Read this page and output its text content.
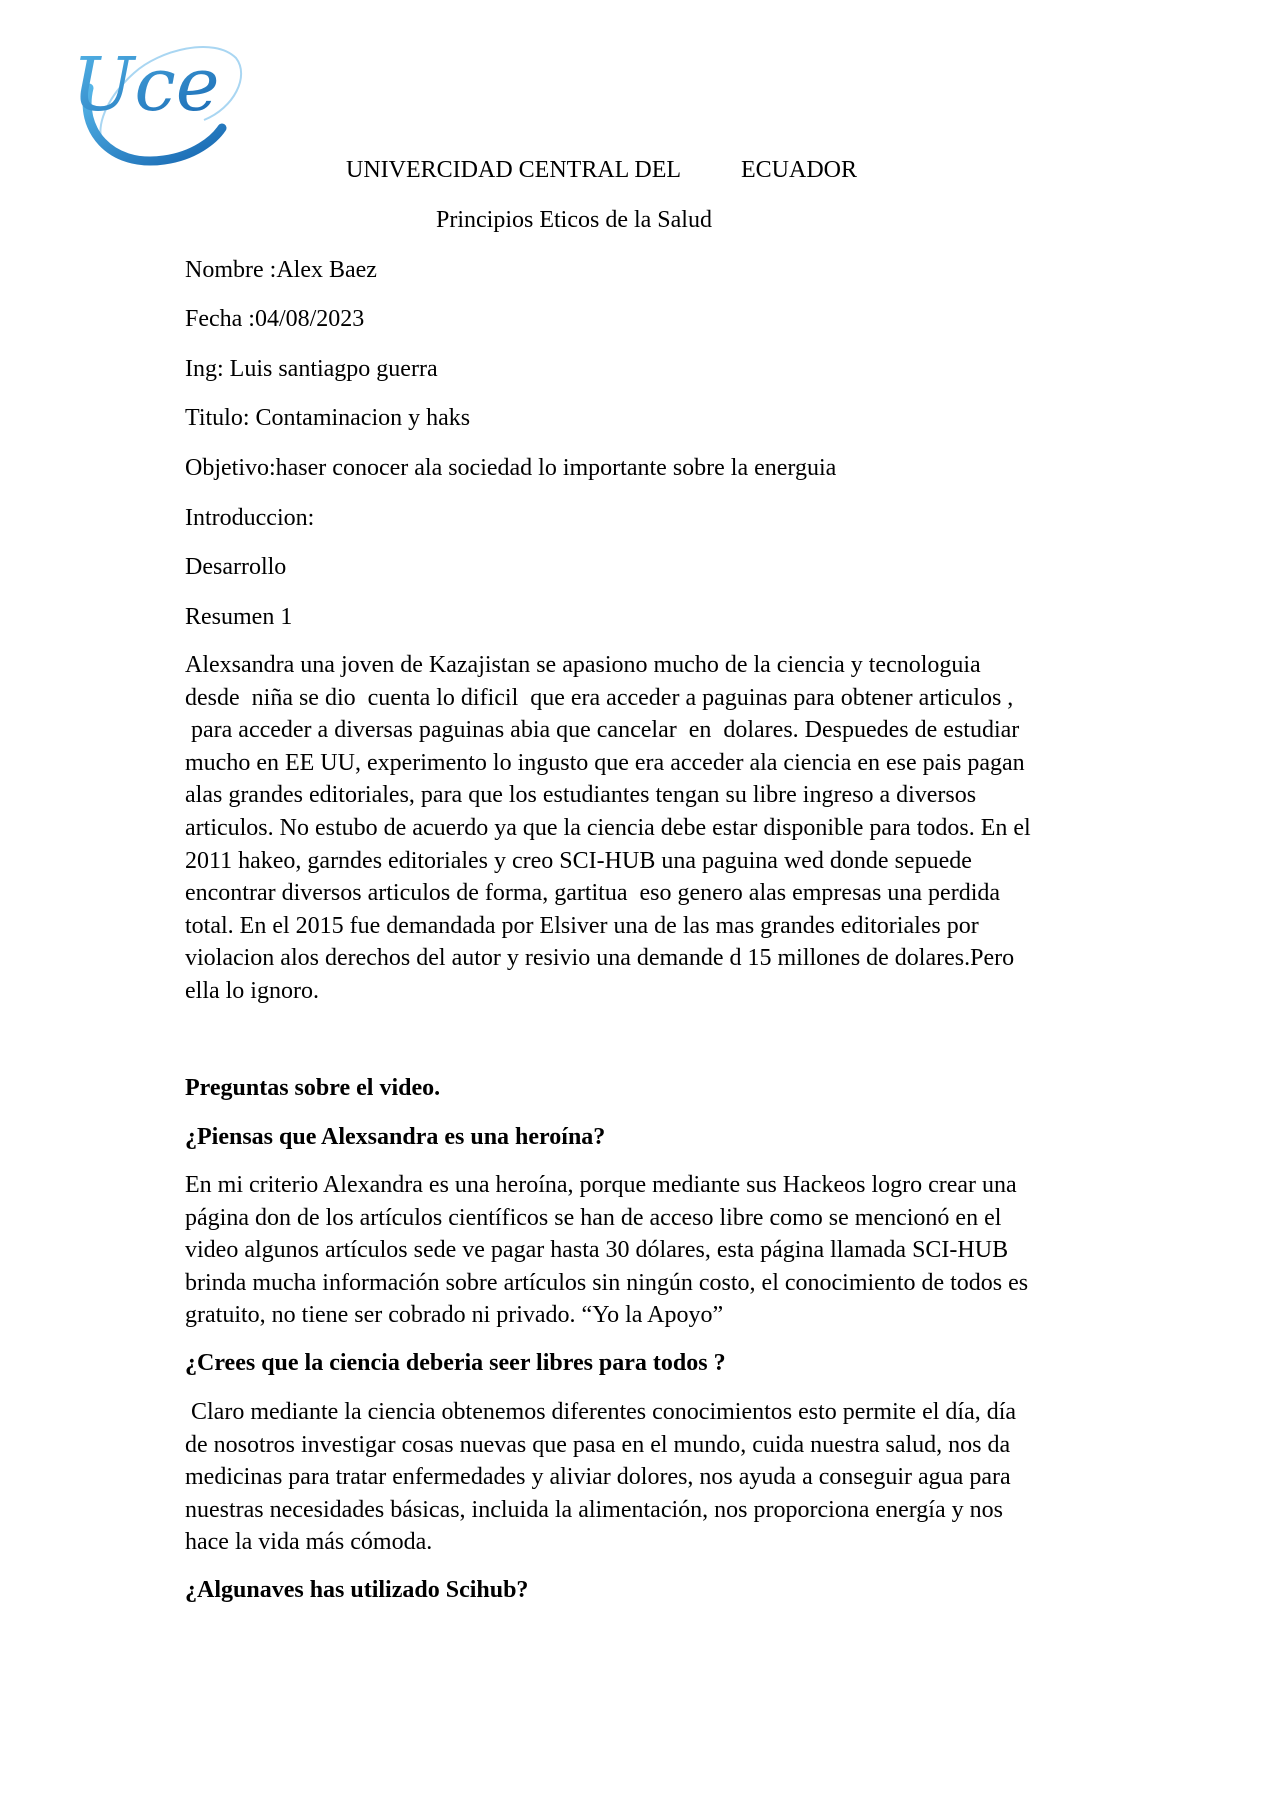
Uce

UNIVERCIDAD CENTRAL DEL ECUADOR

Principios Eticos de la Salud

Nombre :Alex Baez

Fecha :04/08/2023

Ing: Luis santiagpo guerra

Titulo: Contaminacion y haks

Objetivo:haser conocer ala sociedad lo importante sobre la energuia

Introduccion:

Desarrollo

Resumen 1

Alexsandra una joven de Kazajistan se apasiono mucho de la ciencia y tecnologuia
desde  niña se dio  cuenta lo dificil  que era acceder a paguinas para obtener articulos ,
para acceder a diversas paguinas abia que cancelar  en  dolares. Despuedes de estudiar
mucho en EE UU, experimento lo ingusto que era acceder ala ciencia en ese pais pagan
alas grandes editoriales, para que los estudiantes tengan su libre ingreso a diversos
articulos. No estubo de acuerdo ya que la ciencia debe estar disponible para todos. En el
2011 hakeo, garndes editoriales y creo SCI-HUB una paguina wed donde sepuede
encontrar diversos articulos de forma, gartitua  eso genero alas empresas una perdida
total. En el 2015 fue demandada por Elsiver una de las mas grandes editoriales por
violacion alos derechos del autor y resivio una demande d 15 millones de dolares.Pero
ella lo ignoro.

Preguntas sobre el video.

¿Piensas que Alexsandra es una heroína?

En mi criterio Alexandra es una heroína, porque mediante sus Hackeos logro crear una
página don de los artículos científicos se han de acceso libre como se mencionó en el
video algunos artículos sede ve pagar hasta 30 dólares, esta página llamada SCI-HUB
brinda mucha información sobre artículos sin ningún costo, el conocimiento de todos es
gratuito, no tiene ser cobrado ni privado. “Yo la Apoyo”

¿Crees que la ciencia deberia seer libres para todos ?

Claro mediante la ciencia obtenemos diferentes conocimientos esto permite el día, día
de nosotros investigar cosas nuevas que pasa en el mundo, cuida nuestra salud, nos da
medicinas para tratar enfermedades y aliviar dolores, nos ayuda a conseguir agua para
nuestras necesidades básicas, incluida la alimentación, nos proporciona energía y nos
hace la vida más cómoda.

¿Algunaves has utilizado Scihub?
